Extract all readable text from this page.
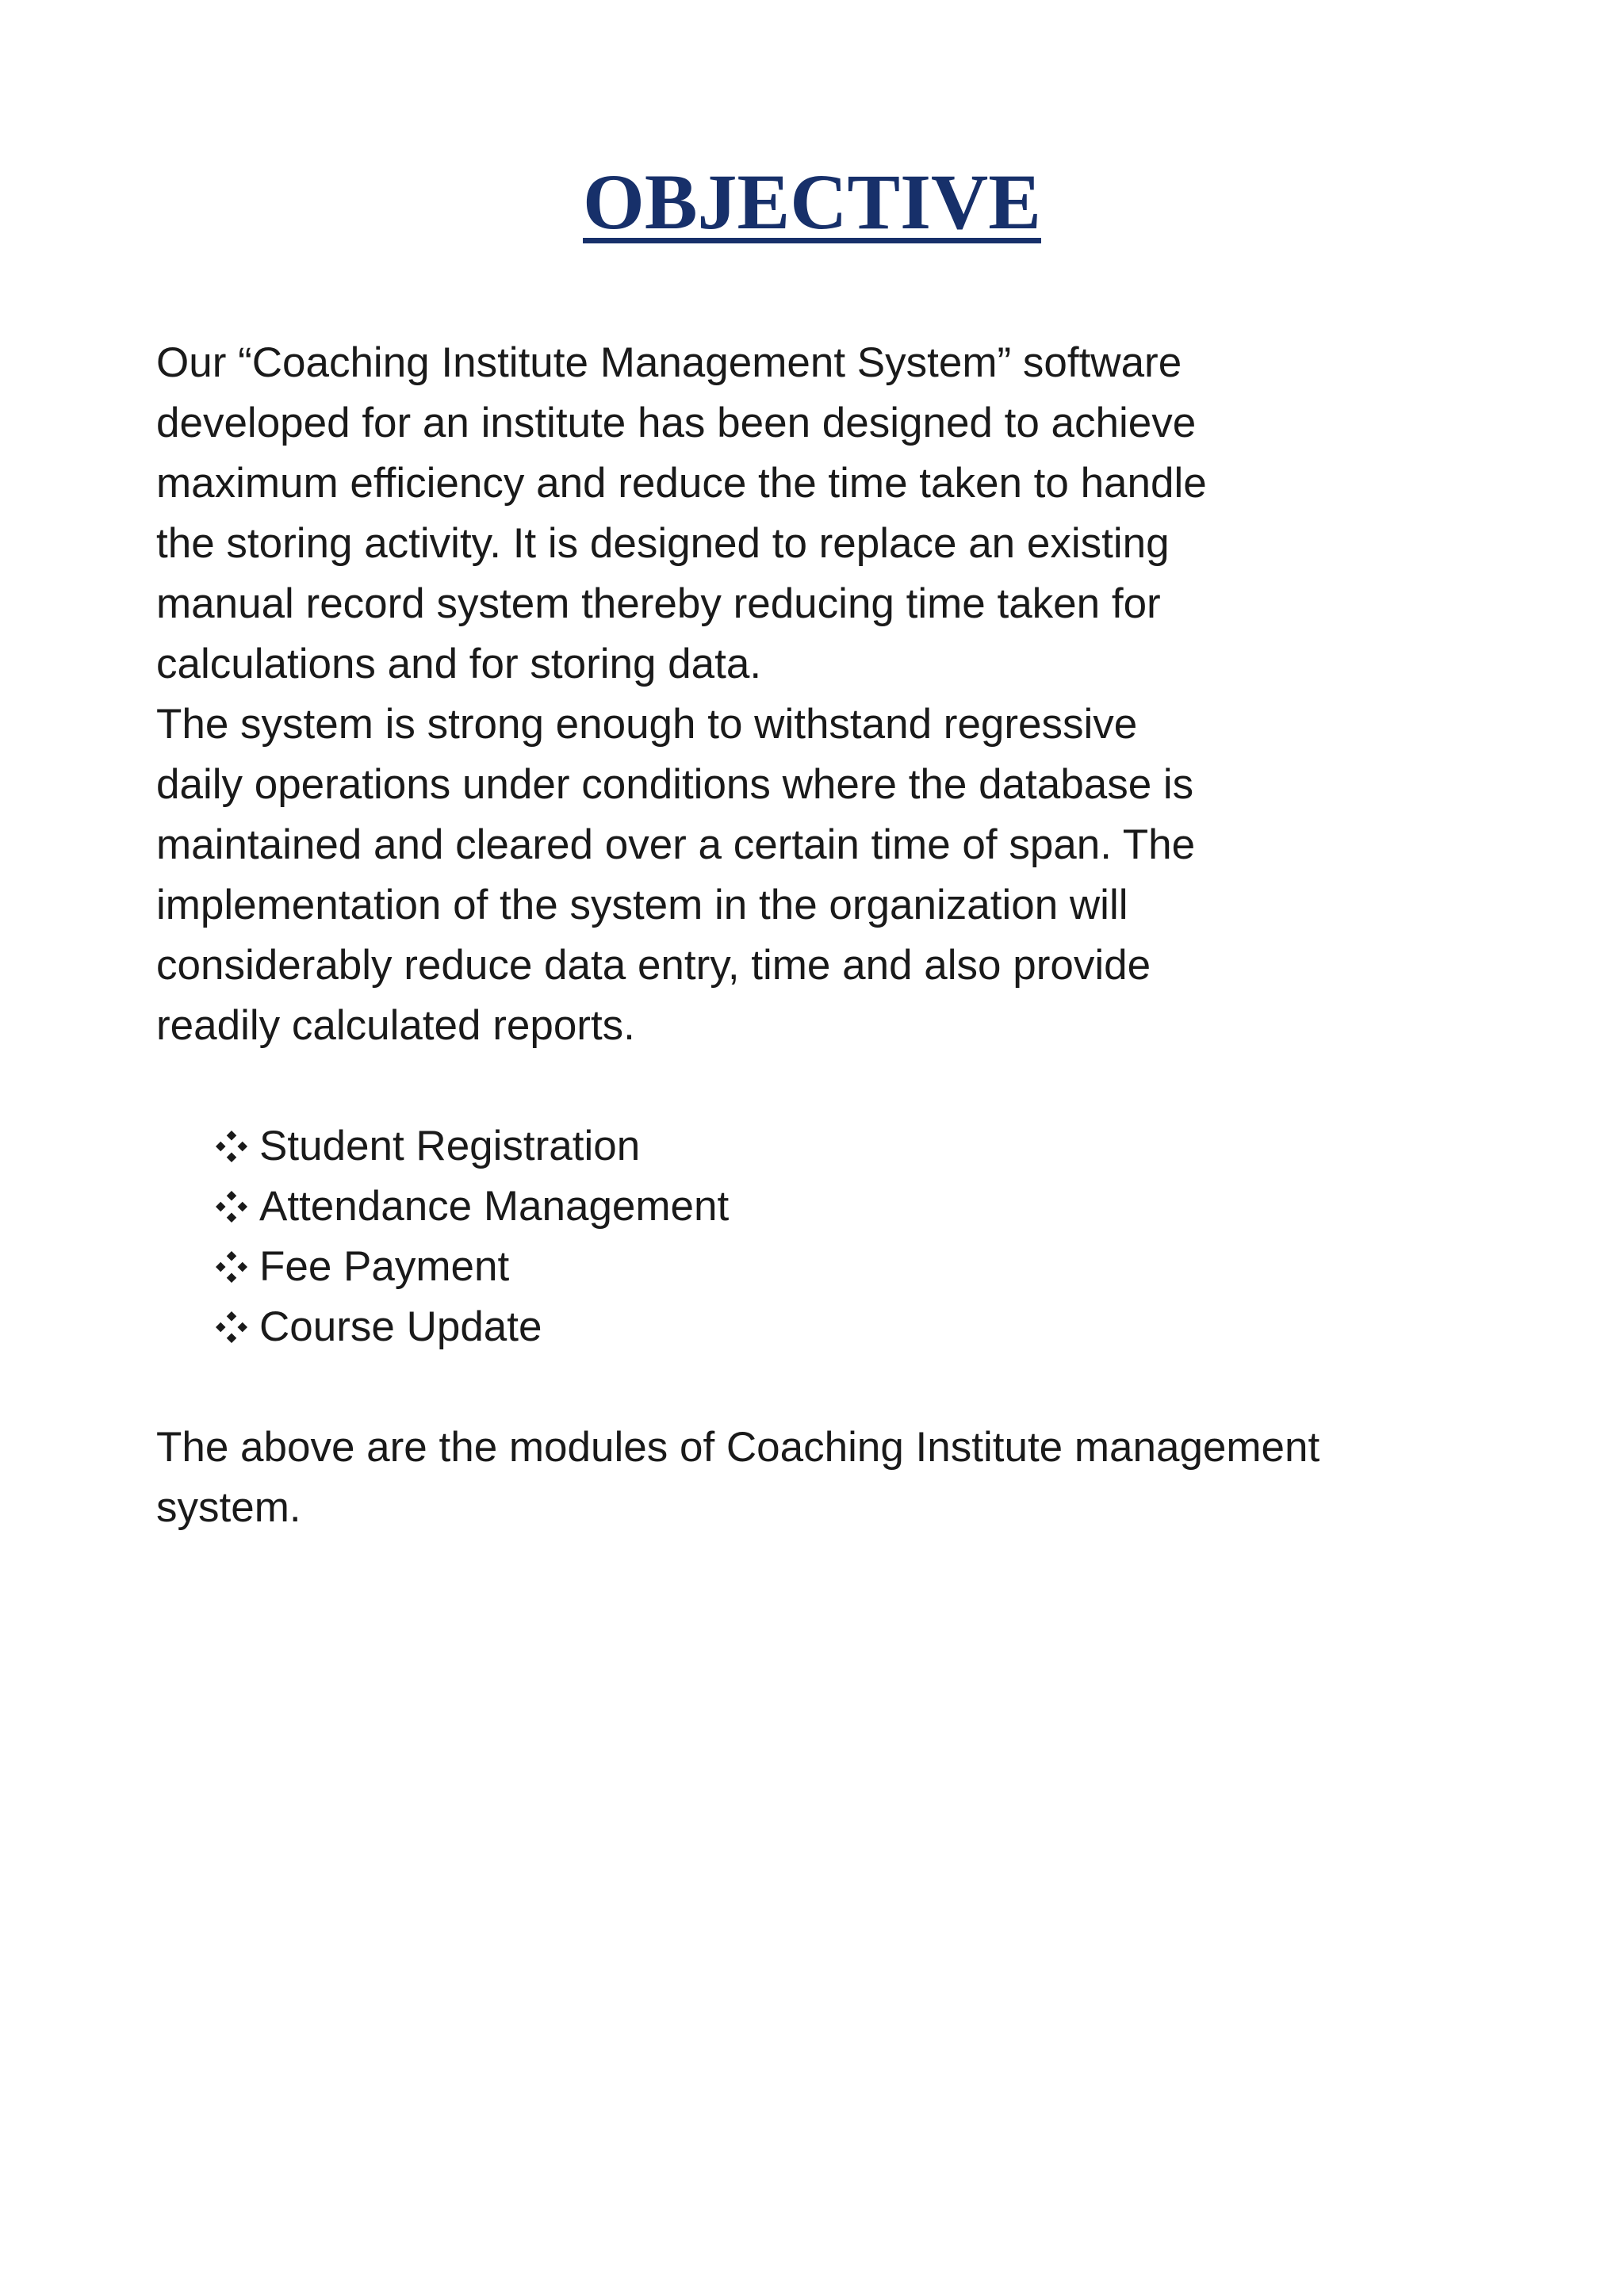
OBJECTIVE
Our “Coaching Institute Management System” software
developed for an institute has been designed to achieve
maximum efficiency and reduce the time taken to handle
the storing activity. It is designed to replace an existing
manual record system thereby reducing time taken for
calculations and for storing data.
The system is strong enough to withstand regressive
daily operations under conditions where the database is
maintained and cleared over a certain time of span. The
implementation of the system in the organization will
considerably reduce data entry, time and also provide
readily calculated reports.
Student Registration
Attendance Management
Fee Payment
Course Update
The above are the modules of Coaching Institute management
system.
